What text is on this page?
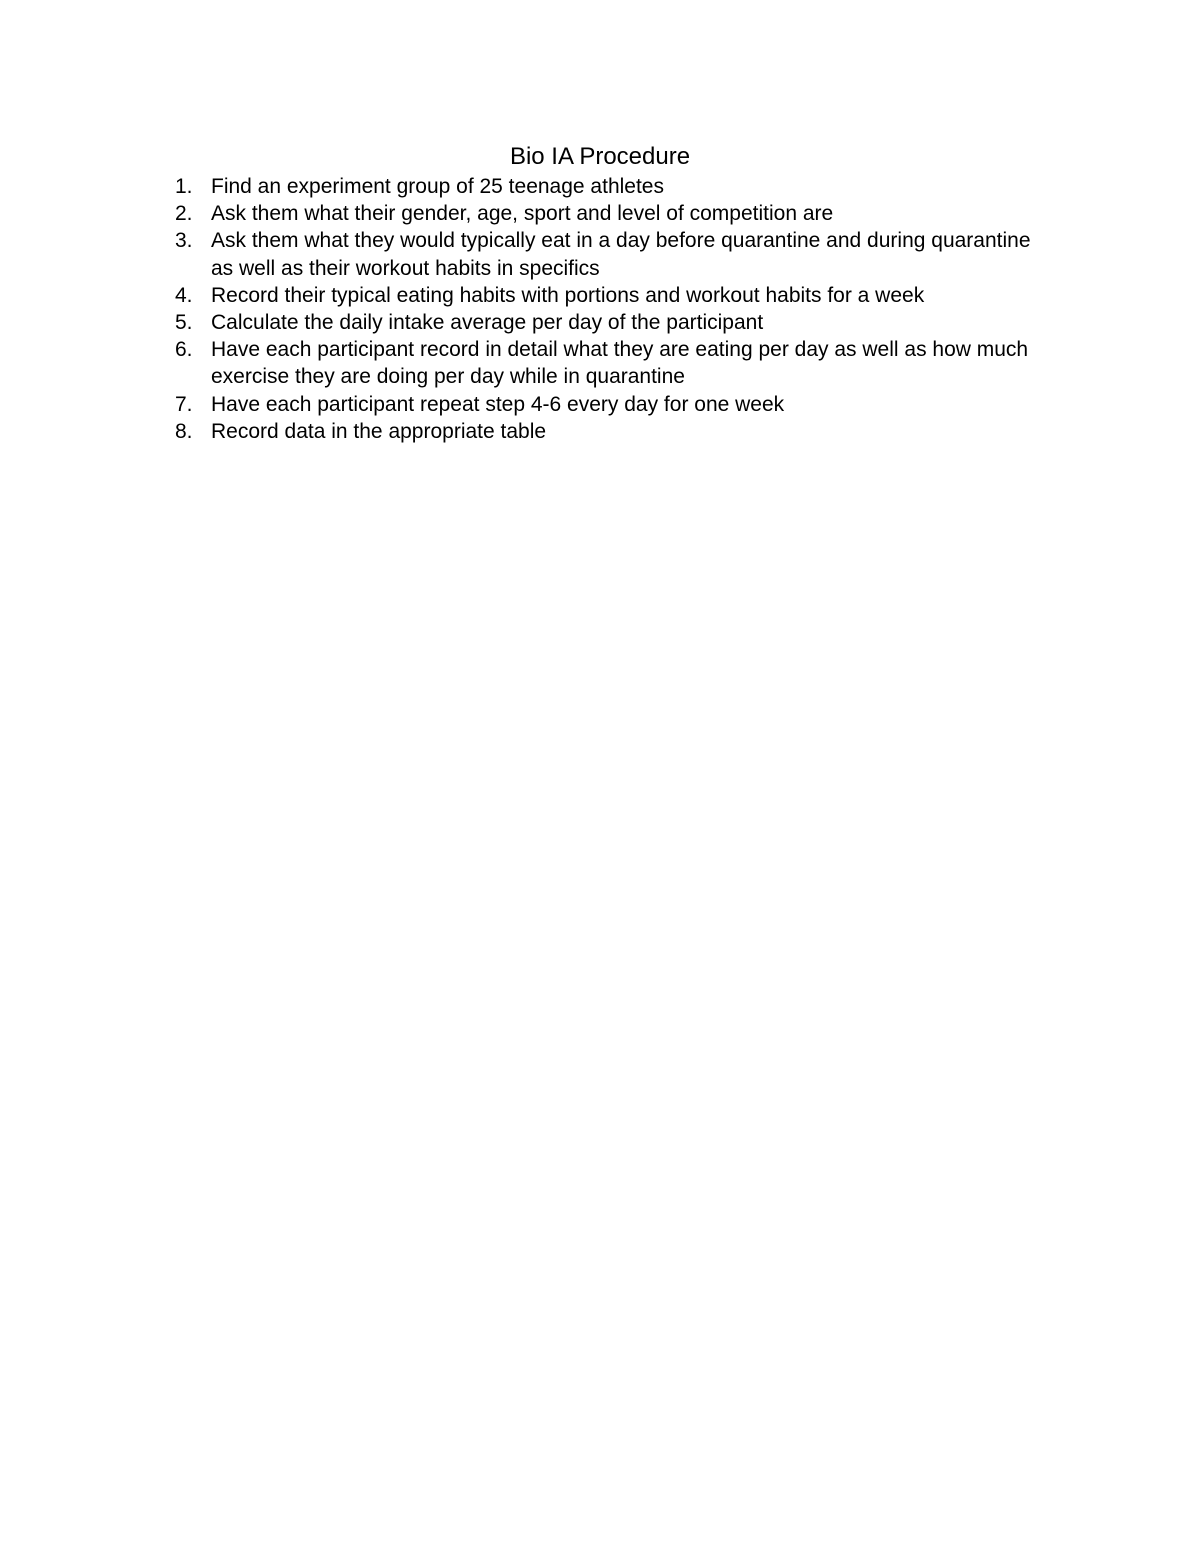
Bio IA Procedure
1. Find an experiment group of 25 teenage athletes
2. Ask them what their gender, age, sport and level of competition are
3. Ask them what they would typically eat in a day before quarantine and during quarantine as well as their workout habits in specifics
4. Record their typical eating habits with portions and workout habits for a week
5. Calculate the daily intake average per day of the participant
6. Have each participant record in detail what they are eating per day as well as how much exercise they are doing per day while in quarantine
7. Have each participant repeat step 4-6 every day for one week
8. Record data in the appropriate table
